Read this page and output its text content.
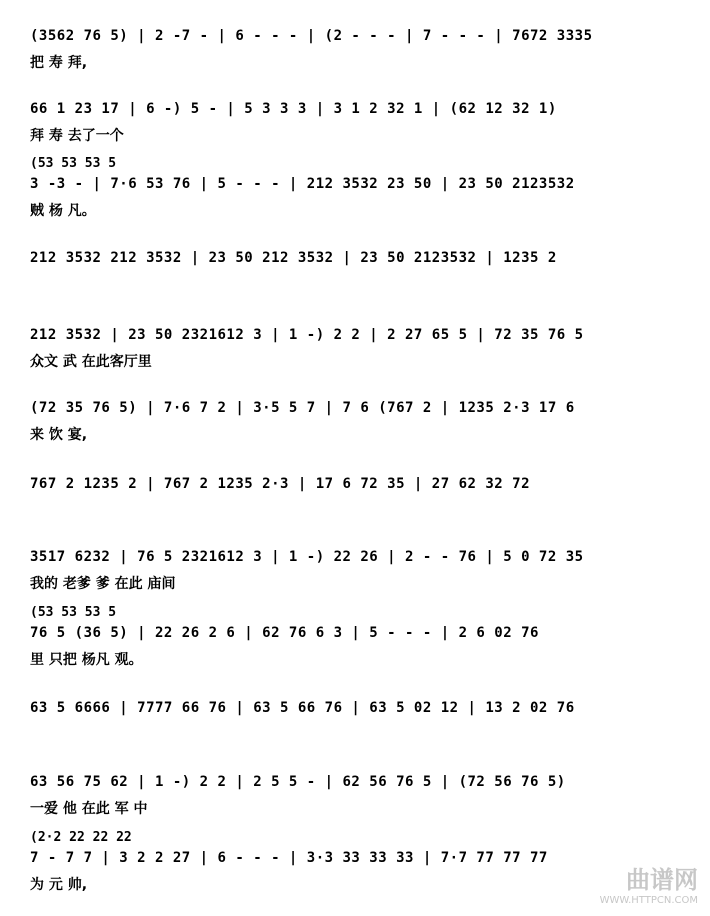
(3562 76 5) | 2 -7 - | 6 - - - | (2 - - - | 7 - - - | 7672 3335
把 寿 拜,
66 1 23 17 | 6 -) 5 - | 5 3 3 3 | 3 1 2 32 1 | (62 12 32 1)
拜 寿 去了一个
3 -3 - | 7·6 53 76 | 5 - - - | 212 3532 23 50 | 23 50 2123532
(53 53 53 5
贼 杨 凡。
212 3532 212 3532 | 23 50 212 3532 | 23 50 2123532 | 1235 2
212 3532 | 23 50 2321612 3 | 1 -) 2 2 | 2 27 65 5 | 72 35 76 5
众文 武 在此客厅里
(72 35 76 5) | 7·6 7 2 | 3·5 5 7 | 7 6 (767 2 | 1235 2·3 17 6
来 饮 宴,
767 2 1235 2 | 767 2 1235 2·3 | 17 6 72 35 | 27 62 32 72
3517 6232 | 76 5 2321612 3 | 1 -) 22 26 | 2 - - 76 | 5 0 72 35
我的 老爹 爹 在此 庙间
76 5 (36 5) | 22 26 2 6 | 62 76 6 3 | 5 - - - | 2 6 02 76
(53 53 53 5
里 只把 杨凡 观。
63 5 6666 | 7777 66 76 | 63 5 66 76 | 63 5 02 12 | 13 2 02 76
63 56 75 62 | 1 -) 2 2 | 2 5 5 - | 62 56 76 5 | (72 56 76 5)
一爱 他 在此 军 中
7 - 7 7 | 3 2 2 27 | 6 - - - | 3·3 33 33 33 | 7·7 77 77 77
(2·2 22 22 22
为 元 帅,	曲谱网
WWW.HTTPCN.COM
